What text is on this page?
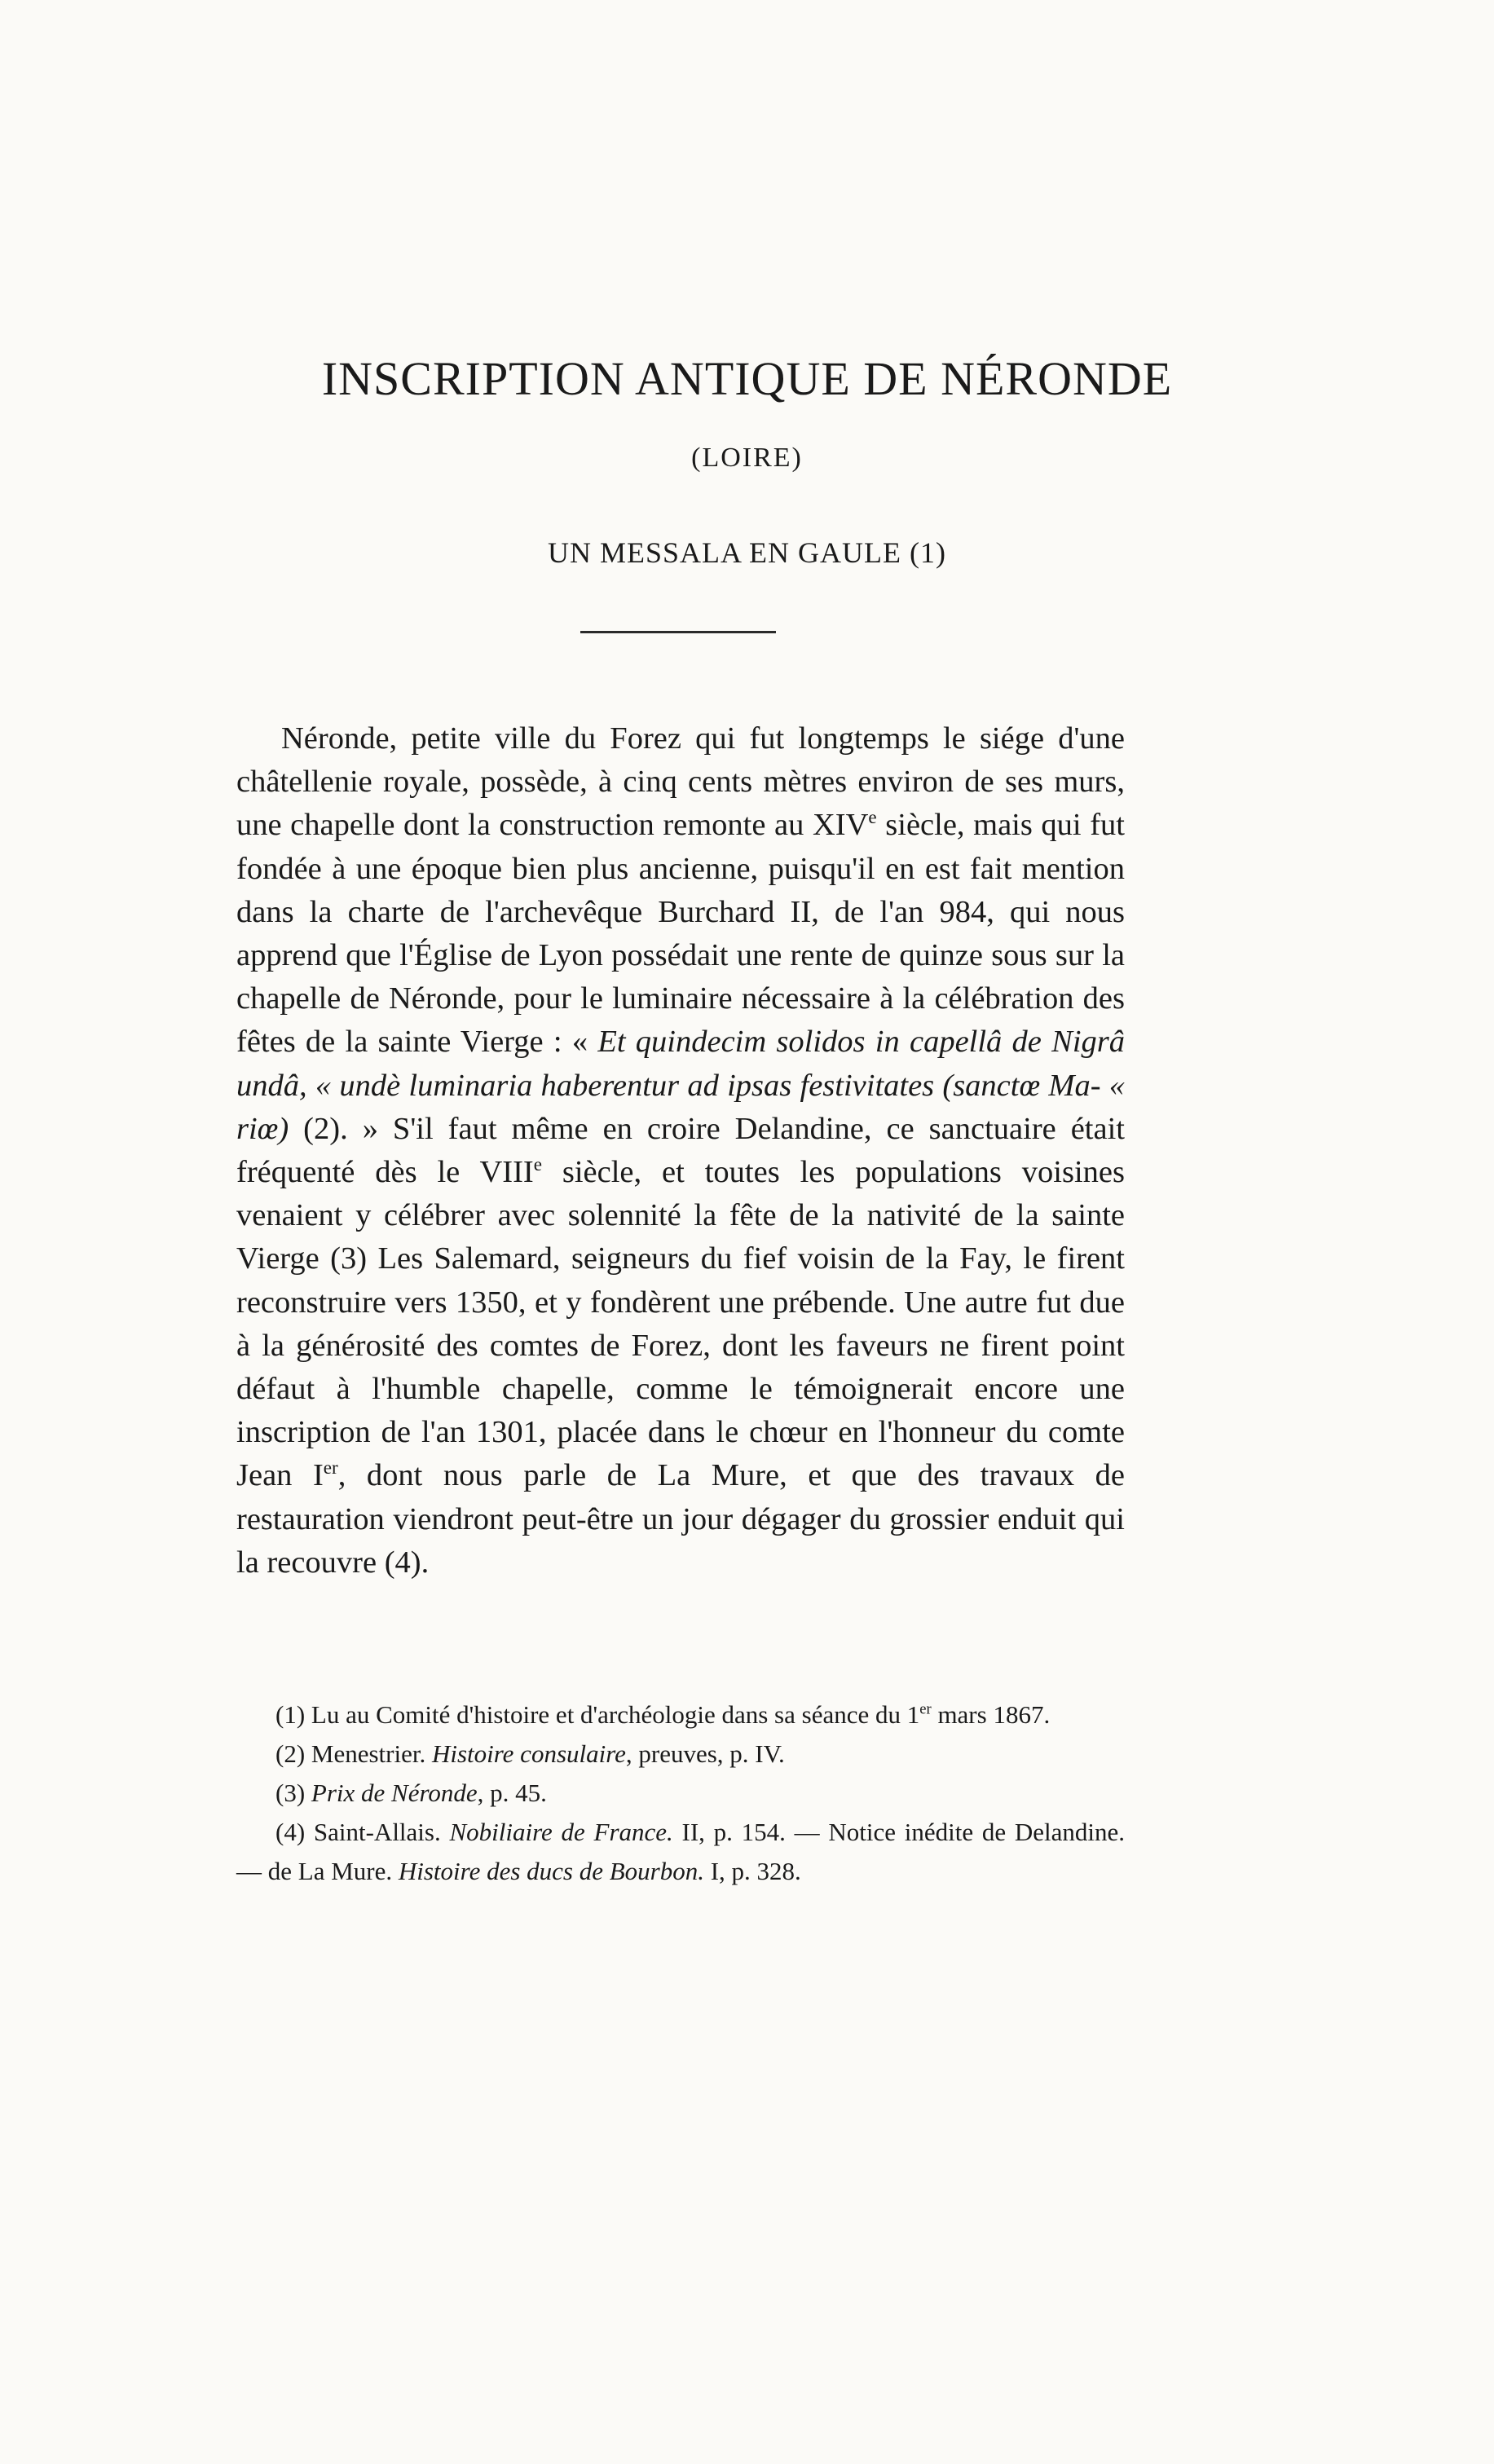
INSCRIPTION ANTIQUE DE NÉRONDE
(LOIRE)
UN MESSALA EN GAULE (1)

Néronde, petite ville du Forez qui fut longtemps le siége d'une châtellenie royale, possède, à cinq cents mètres environ de ses murs, une chapelle dont la construction remonte au XIVe siècle, mais qui fut fondée à une époque bien plus ancienne, puisqu'il en est fait mention dans la charte de l'archevêque Burchard II, de l'an 984, qui nous apprend que l'Église de Lyon possédait une rente de quinze sous sur la chapelle de Néronde, pour le luminaire nécessaire à la célébration des fêtes de la sainte Vierge : « Et quindecim solidos in capellâ de Nigrâ undâ, « undè luminaria haberentur ad ipsas festivitates (sanctœ Ma- « riœ) (2). » S'il faut même en croire Delandine, ce sanctuaire était fréquenté dès le VIIIe siècle, et toutes les populations voisines venaient y célébrer avec solennité la fête de la nativité de la sainte Vierge (3) Les Salemard, seigneurs du fief voisin de la Fay, le firent reconstruire vers 1350, et y fondèrent une prébende. Une autre fut due à la générosité des comtes de Forez, dont les faveurs ne firent point défaut à l'humble chapelle, comme le témoignerait encore une inscription de l'an 1301, placée dans le chœur en l'honneur du comte Jean Ier, dont nous parle de La Mure, et que des travaux de restauration viendront peut-être un jour dégager du grossier enduit qui la recouvre (4).

(1) Lu au Comité d'histoire et d'archéologie dans sa séance du 1er mars 1867.

(2) Menestrier. Histoire consulaire, preuves, p. IV.

(3) Prix de Néronde, p. 45.

(4) Saint-Allais. Nobiliaire de France. II, p. 154. — Notice inédite de Delandine. — de La Mure. Histoire des ducs de Bourbon. I, p. 328.
